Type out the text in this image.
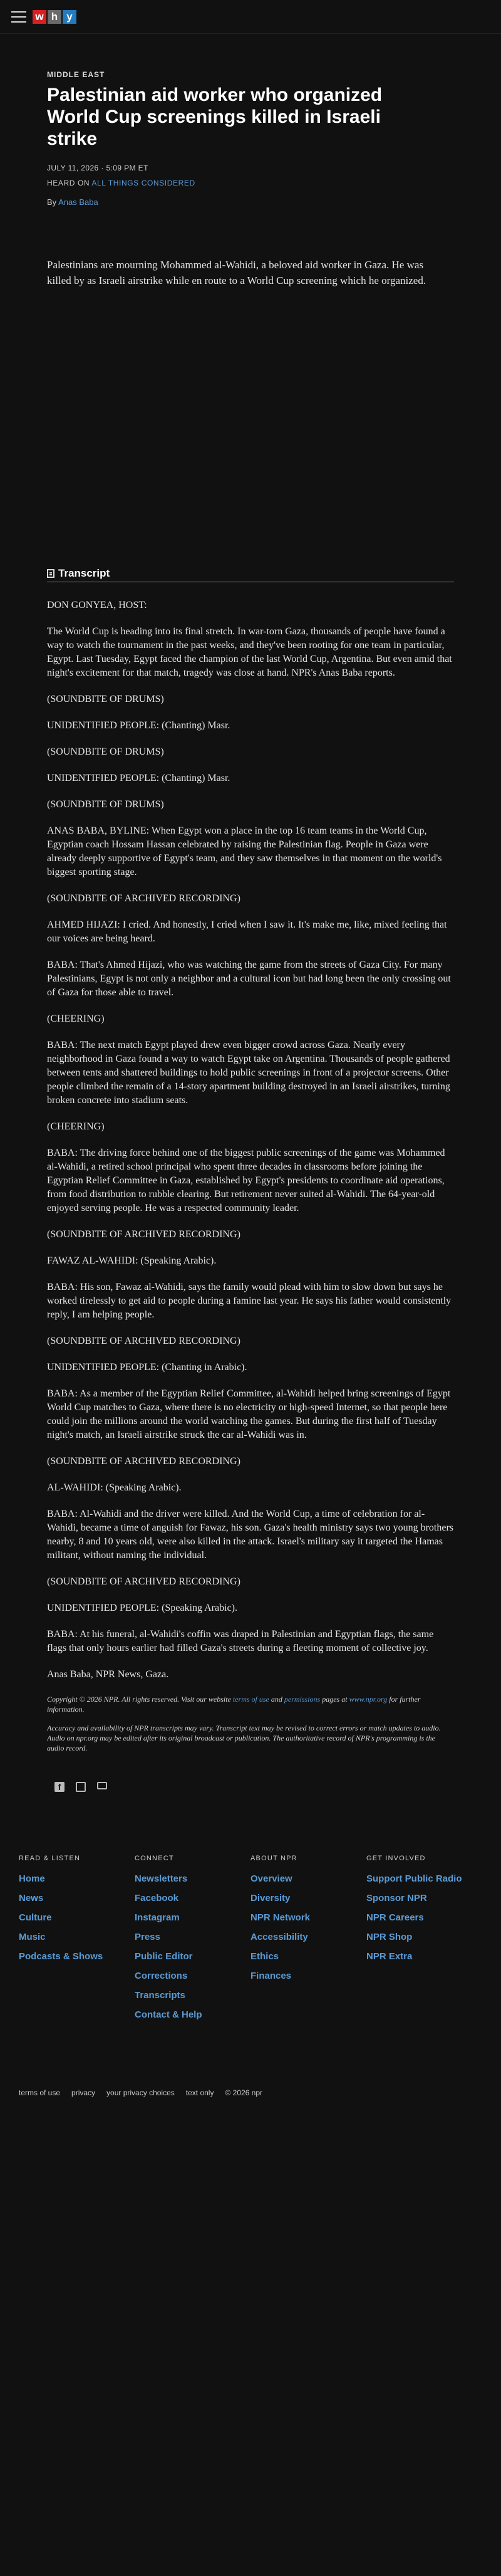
w h y
MIDDLE EAST
Palestinian aid worker who organized World Cup screenings killed in Israeli strike
JULY 11, 2026 · 5:09 PM ET
HEARD ON ALL THINGS CONSIDERED
By Anas Baba

Palestinians are mourning Mohammed al-Wahidi, a beloved aid worker in Gaza. He was killed by as Israeli airstrike while en route to a World Cup screening which he organized.

Transcript

DON GONYEA, HOST:

The World Cup is heading into its final stretch. In war-torn Gaza, thousands of people have found a way to watch the tournament in the past weeks, and they've been rooting for one team in particular, Egypt. Last Tuesday, Egypt faced the champion of the last World Cup, Argentina. But even amid that night's excitement for that match, tragedy was close at hand. NPR's Anas Baba reports.

(SOUNDBITE OF DRUMS)

UNIDENTIFIED PEOPLE: (Chanting) Masr.

(SOUNDBITE OF DRUMS)

UNIDENTIFIED PEOPLE: (Chanting) Masr.

(SOUNDBITE OF DRUMS)

ANAS BABA, BYLINE: When Egypt won a place in the top 16 team teams in the World Cup, Egyptian coach Hossam Hassan celebrated by raising the Palestinian flag. People in Gaza were already deeply supportive of Egypt's team, and they saw themselves in that moment on the world's biggest sporting stage.

(SOUNDBITE OF ARCHIVED RECORDING)

AHMED HIJAZI: I cried. And honestly, I cried when I saw it. It's make me, like, mixed feeling that our voices are being heard.

BABA: That's Ahmed Hijazi, who was watching the game from the streets of Gaza City. For many Palestinians, Egypt is not only a neighbor and a cultural icon but had long been the only crossing out of Gaza for those able to travel.

(CHEERING)

BABA: The next match Egypt played drew even bigger crowd across Gaza. Nearly every neighborhood in Gaza found a way to watch Egypt take on Argentina. Thousands of people gathered between tents and shattered buildings to hold public screenings in front of a projector screens. Other people climbed the remain of a 14-story apartment building destroyed in an Israeli airstrikes, turning broken concrete into stadium seats.

(CHEERING)

BABA: The driving force behind one of the biggest public screenings of the game was Mohammed al-Wahidi, a retired school principal who spent three decades in classrooms before joining the Egyptian Relief Committee in Gaza, established by Egypt's presidents to coordinate aid operations, from food distribution to rubble clearing. But retirement never suited al-Wahidi. The 64-year-old enjoyed serving people. He was a respected community leader.

(SOUNDBITE OF ARCHIVED RECORDING)

FAWAZ AL-WAHIDI: (Speaking Arabic).

BABA: His son, Fawaz al-Wahidi, says the family would plead with him to slow down but says he worked tirelessly to get aid to people during a famine last year. He says his father would consistently reply, I am helping people.

(SOUNDBITE OF ARCHIVED RECORDING)

UNIDENTIFIED PEOPLE: (Chanting in Arabic).

BABA: As a member of the Egyptian Relief Committee, al-Wahidi helped bring screenings of Egypt World Cup matches to Gaza, where there is no electricity or high-speed Internet, so that people here could join the millions around the world watching the games. But during the first half of Tuesday night's match, an Israeli airstrike struck the car al-Wahidi was in.

(SOUNDBITE OF ARCHIVED RECORDING)

AL-WAHIDI: (Speaking Arabic).

BABA: Al-Wahidi and the driver were killed. And the World Cup, a time of celebration for al-Wahidi, became a time of anguish for Fawaz, his son. Gaza's health ministry says two young brothers nearby, 8 and 10 years old, were also killed in the attack. Israel's military say it targeted the Hamas militant, without naming the individual.

(SOUNDBITE OF ARCHIVED RECORDING)

UNIDENTIFIED PEOPLE: (Speaking Arabic).

BABA: At his funeral, al-Wahidi's coffin was draped in Palestinian and Egyptian flags, the same flags that only hours earlier had filled Gaza's streets during a fleeting moment of collective joy.

Anas Baba, NPR News, Gaza.

Copyright © 2026 NPR. All rights reserved. Visit our website terms of use and permissions pages at www.npr.org for further information.

Accuracy and availability of NPR transcripts may vary. Transcript text may be revised to correct errors or match updates to audio. Audio on npr.org may be edited after its original broadcast or publication. The authoritative record of NPR's programming is the audio record.

f
READ & LISTEN
Home
News
Culture
Music
Podcasts & Shows
CONNECT
Newsletters
Facebook
Instagram
Press
Public Editor
Corrections
Transcripts
Contact & Help
ABOUT NPR
Overview
Diversity
NPR Network
Accessibility
Ethics
Finances
GET INVOLVED
Support Public Radio
Sponsor NPR
NPR Careers
NPR Shop
NPR Extra
terms of use privacy your privacy choices text only © 2026 npr
